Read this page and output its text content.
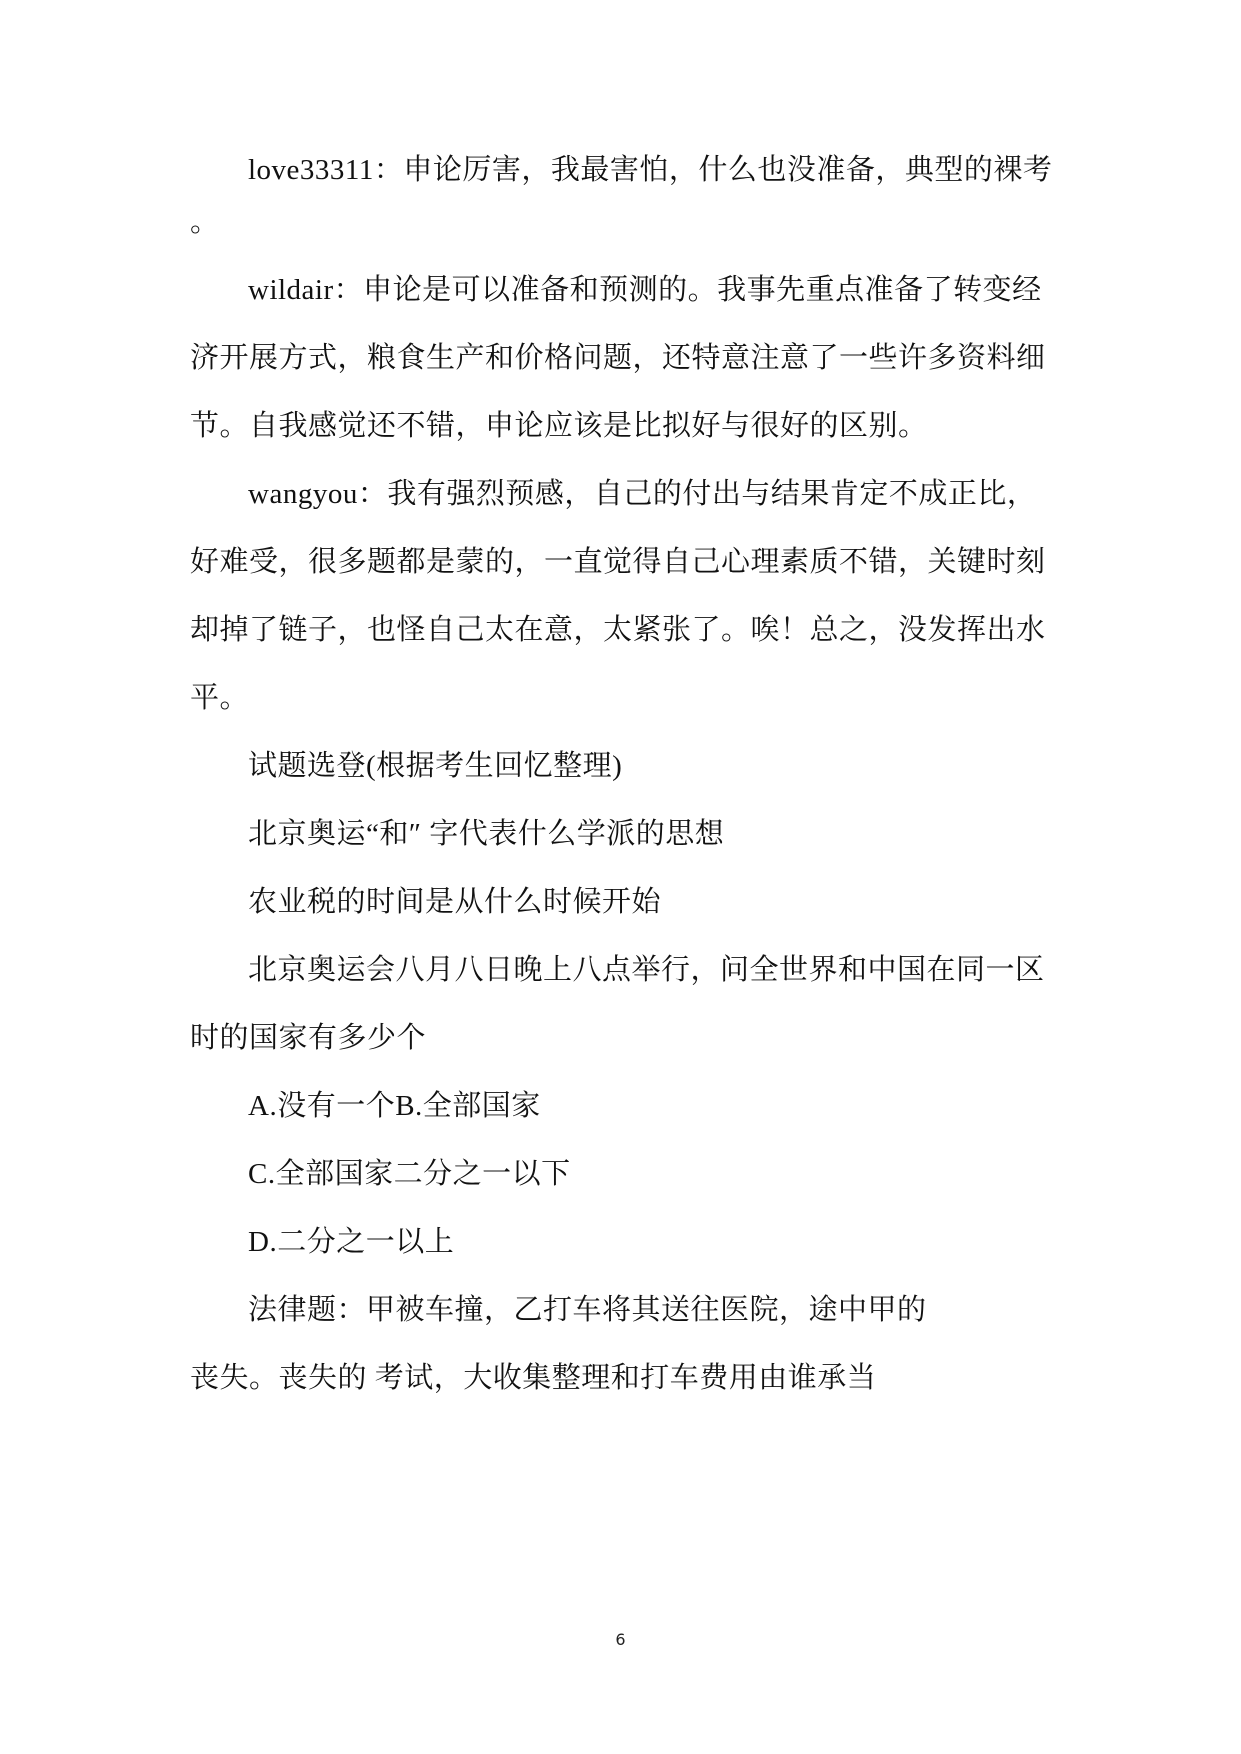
love33311：申论厉害，我最害怕，什么也没准备，典型的裸考
。
wildair：申论是可以准备和预测的。我事先重点准备了转变经
济开展方式，粮食生产和价格问题，还特意注意了一些许多资料细
节。自我感觉还不错，申论应该是比拟好与很好的区别。
wangyou：我有强烈预感，自己的付出与结果肯定不成正比，
好难受，很多题都是蒙的，一直觉得自己心理素质不错，关键时刻
却掉了链子，也怪自己太在意，太紧张了。唉！总之，没发挥出水
平。
试题选登(根据考生回忆整理)
北京奥运“和″ 字代表什么学派的思想
农业税的时间是从什么时候开始
北京奥运会八月八日晚上八点举行，问全世界和中国在同一区
时的国家有多少个
A.没有一个B.全部国家
C.全部国家二分之一以下
D.二分之一以上
法律题：甲被车撞，乙打车将其送往医院，途中甲的
丧失。丧失的 考试，大收集整理和打车费用由谁承当
6
